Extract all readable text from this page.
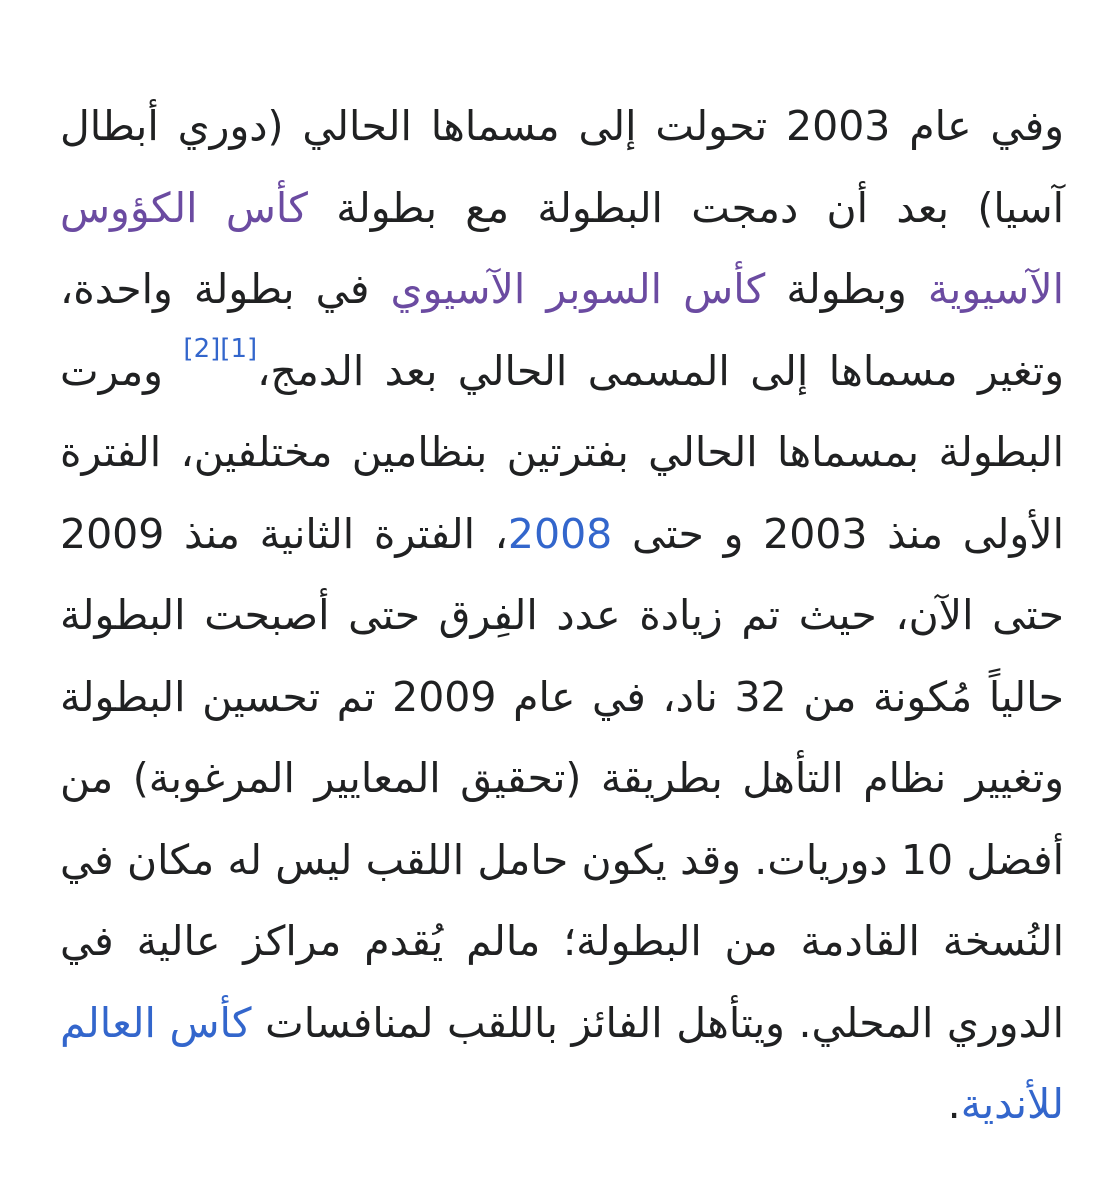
وفي عام 2003 تحولت إلى مسماها الحالي (دوري أبطال آسيا) بعد أن دمجت البطولة مع بطولة كأس الكؤوس الآسيوية وبطولة كأس السوبر الآسيوي في بطولة واحدة، وتغير مسماها إلى المسمى الحالي بعد الدمج،[1][2] ومرت البطولة بمسماها الحالي بفترتين بنظامين مختلفين، الفترة الأولى منذ 2003 و حتى 2008، الفترة الثانية منذ 2009 حتى الآن، حيث تم زيادة عدد الفِرق حتى أصبحت البطولة حالياً مُكونة من 32 ناد، في عام 2009 تم تحسين البطولة وتغيير نظام التأهل بطريقة (تحقيق المعايير المرغوبة) من أفضل 10 دوريات. وقد يكون حامل اللقب ليس له مكان في النُسخة القادمة من البطولة؛ مالم يُقدم مراكز عالية في الدوري المحلي. ويتأهل الفائز باللقب لمنافسات كأس العالم للأندية.
